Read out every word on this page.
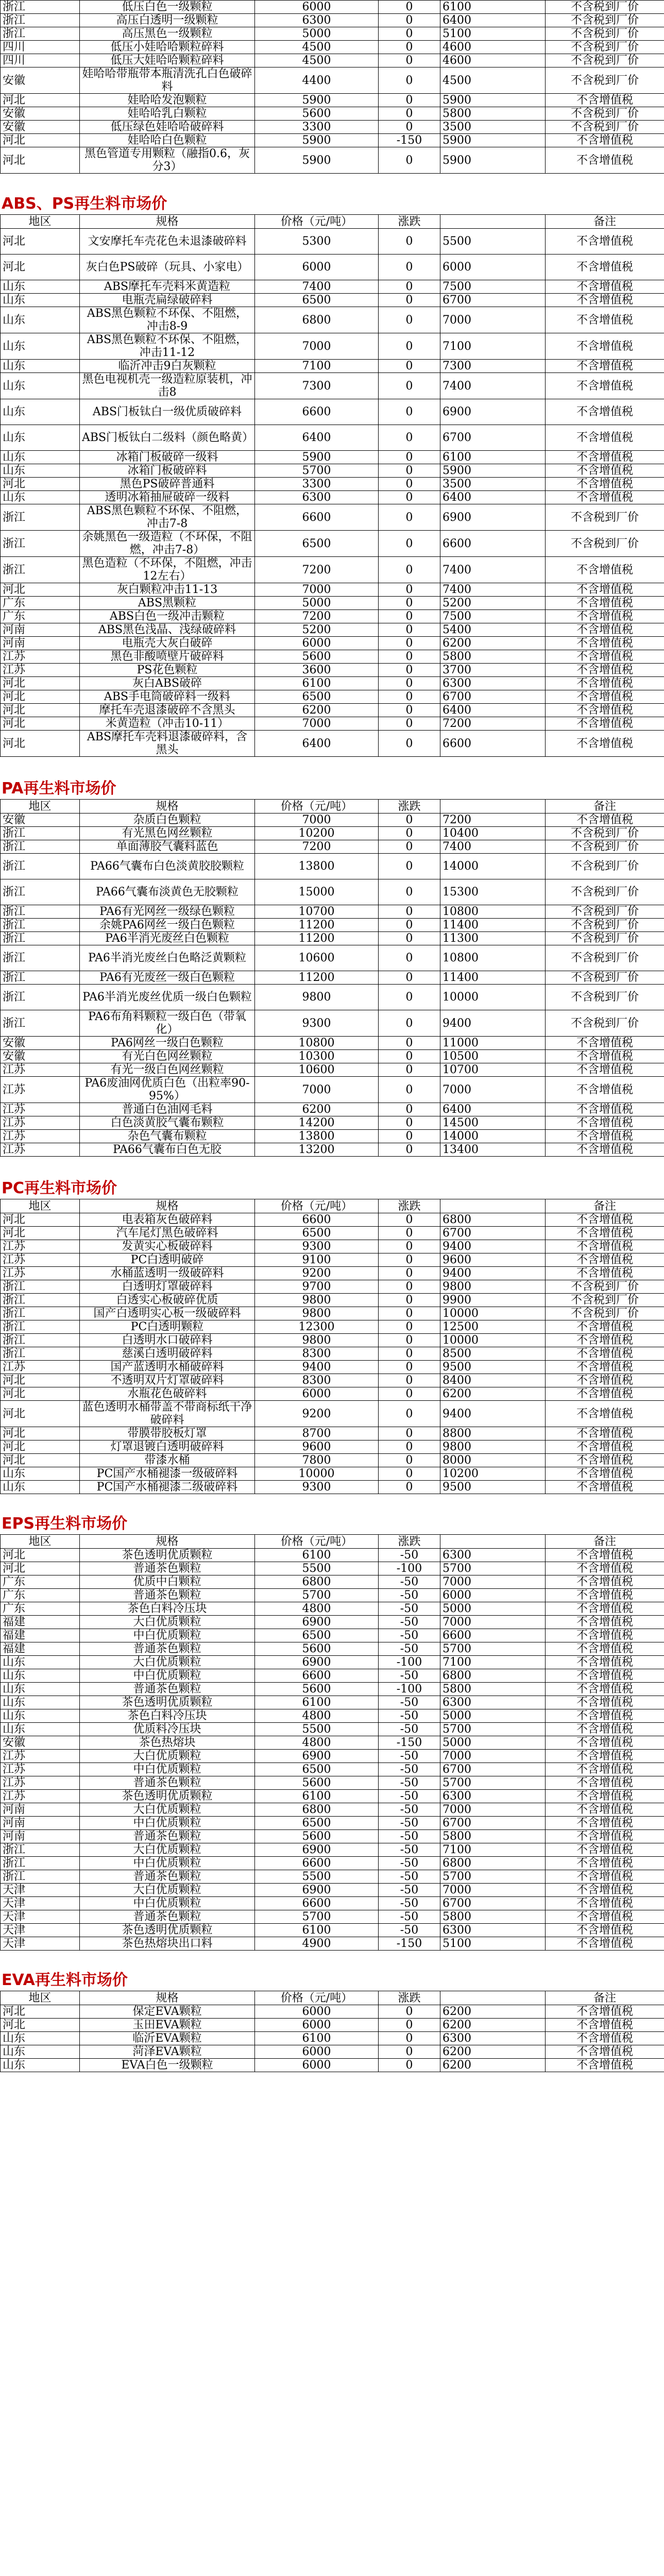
浙江	低压白色一级颗粒	6000	0	6100	不含税到厂价
浙江	高压白透明一级颗粒	6300	0	6400	不含税到厂价
浙江	高压黑色一级颗粒	5000	0	5100	不含税到厂价
四川	低压小娃哈哈颗粒碎料	4500	0	4600	不含税到厂价
四川	低压大娃哈哈颗粒碎料	4500	0	4600	不含税到厂价
安徽	娃哈哈带瓶带本瓶清洗孔白色破碎料	4400	0	4500	不含税到厂价
河北	娃哈哈发泡颗粒	5900	0	5900	不含增值税
安徽	娃哈哈乳白颗粒	5600	0	5800	不含税到厂价
安徽	低压绿色娃哈哈破碎料	3300	0	3500	不含税到厂价
河北	娃哈哈白色颗粒	5900	-150	5900	不含增值税
河北	黑色管道专用颗粒（融指0.6，灰分3）	5900	0	5900	不含增值税
ABS、PS再生料市场价
地区	规格	价格（元/吨）	涨跌		备注
河北	文安摩托车壳花色未退漆破碎料	5300	0	5500	不含增值税
河北	灰白色PS破碎（玩具、小家电）	6000	0	6000	不含增值税
山东	ABS摩托车壳料米黄造粒	7400	0	7500	不含增值税
山东	电瓶壳扁绿破碎料	6500	0	6700	不含增值税
山东	ABS黑色颗粒不环保、不阻燃，冲击8-9	6800	0	7000	不含增值税
山东	ABS黑色颗粒不环保、不阻燃，冲击11-12	7000	0	7100	不含增值税
山东	临沂冲击9白灰颗粒	7100	0	7300	不含增值税
山东	黑色电视机壳一级造粒原装机，冲击8	7300	0	7400	不含增值税
山东	ABS门板钛白一级优质破碎料	6600	0	6900	不含增值税
山东	ABS门板钛白二级料（颜色略黄）	6400	0	6700	不含增值税
山东	冰箱门板破碎一级料	5900	0	6100	不含增值税
山东	冰箱门板破碎料	5700	0	5900	不含增值税
河北	黑色PS破碎普通料	3300	0	3500	不含增值税
山东	透明冰箱抽屉破碎一级料	6300	0	6400	不含增值税
浙江	ABS黑色颗粒不环保、不阻燃，冲击7-8	6600	0	6900	不含税到厂价
浙江	余姚黑色一级造粒（不环保，不阻燃，冲击7-8）	6500	0	6600	不含税到厂价
浙江	黑色造粒（不环保，不阻燃，冲击12左右）	7200	0	7400	不含增值税
河北	灰白颗粒冲击11-13	7000	0	7400	不含增值税
广东	ABS黑颗粒	5000	0	5200	不含增值税
广东	ABS白色一级冲击颗粒	7200	0	7500	不含增值税
河南	ABS黑色浅晶、浅绿破碎料	5200	0	5400	不含增值税
河南	电瓶壳大灰白破碎	6000	0	6200	不含增值税
江苏	黑色非酸喷壁片破碎料	5600	0	5800	不含增值税
江苏	PS花色颗粒	3600	0	3700	不含增值税
河北	灰白ABS破碎	6100	0	6300	不含增值税
河北	ABS手电筒破碎料一级料	6500	0	6700	不含增值税
河北	摩托车壳退漆破碎不含黑头	6200	0	6400	不含增值税
河北	米黄造粒（冲击10-11）	7000	0	7200	不含增值税
河北	ABS摩托车壳料退漆破碎料，含黑头	6400	0	6600	不含增值税
PA再生料市场价
地区	规格	价格（元/吨）	涨跌		备注
安徽	杂质白色颗粒	7000	0	7200	不含增值税
浙江	有光黑色网丝颗粒	10200	0	10400	不含税到厂价
浙江	单面薄胶气囊料蓝色	7200	0	7400	不含税到厂价
浙江	PA66气囊布白色淡黄胶胶颗粒	13800	0	14000	不含税到厂价
浙江	PA66气囊布淡黄色无胶颗粒	15000	0	15300	不含税到厂价
浙江	PA6有光网丝一级绿色颗粒	10700	0	10800	不含税到厂价
浙江	余姚PA6网丝一级白色颗粒	11200	0	11400	不含税到厂价
浙江	PA6半消光废丝白色颗粒	11200	0	11300	不含税到厂价
浙江	PA6半消光废丝白色略泛黄颗粒	10600	0	10800	不含税到厂价
浙江	PA6有光废丝一级白色颗粒	11200	0	11400	不含税到厂价
浙江	PA6半消光废丝优质一级白色颗粒	9800	0	10000	不含税到厂价
浙江	PA6布角料颗粒一级白色（带氧化）	9300	0	9400	不含税到厂价
安徽	PA6网丝一级白色颗粒	10800	0	11000	不含增值税
安徽	有光白色网丝颗粒	10300	0	10500	不含增值税
江苏	有光一级白色网丝颗粒	10600	0	10700	不含增值税
江苏	PA6废油网优质白色（出粒率90-95%）	7000	0	7000	不含增值税
江苏	普通白色油网毛料	6200	0	6400	不含增值税
江苏	白色淡黄胶气囊布颗粒	14200	0	14500	不含增值税
江苏	杂色气囊布颗粒	13800	0	14000	不含增值税
江苏	PA66气囊布白色无胶	13200	0	13400	不含增值税
PC再生料市场价
地区	规格	价格（元/吨）	涨跌		备注
河北	电表箱灰色破碎料	6600	0	6800	不含增值税
河北	汽车尾灯黑色破碎料	6500	0	6700	不含增值税
江苏	发黄实心板破碎料	9300	0	9400	不含增值税
江苏	PC白透明破碎	9100	0	9600	不含增值税
江苏	水桶蓝透明一级破碎料	9200	0	9400	不含增值税
浙江	白透明灯罩破碎料	9700	0	9800	不含税到厂价
浙江	白透实心板破碎优质	9800	0	9900	不含税到厂价
浙江	国产白透明实心板一级破碎料	9800	0	10000	不含税到厂价
浙江	PC白透明颗粒	12300	0	12500	不含增值税
浙江	白透明水口破碎料	9800	0	10000	不含增值税
浙江	慈溪白透明破碎料	8300	0	8500	不含增值税
江苏	国产蓝透明水桶破碎料	9400	0	9500	不含增值税
河北	不透明双片灯罩破碎料	8300	0	8400	不含增值税
河北	水瓶花色破碎料	6000	0	6200	不含增值税
河北	蓝色透明水桶带盖不带商标纸干净破碎料	9200	0	9400	不含增值税
河北	带膜带胶板灯罩	8700	0	8800	不含增值税
河北	灯罩退镀白透明破碎料	9600	0	9800	不含增值税
河北	带漆水桶	7800	0	8000	不含增值税
山东	PC国产水桶褪漆一级破碎料	10000	0	10200	不含增值税
山东	PC国产水桶褪漆二级破碎料	9300	0	9500	不含增值税
EPS再生料市场价
地区	规格	价格（元/吨）	涨跌		备注
河北	茶色透明优质颗粒	6100	-50	6300	不含增值税
河北	普通茶色颗粒	5500	-100	5700	不含增值税
广东	优质中白颗粒	6800	-50	7000	不含增值税
广东	普通茶色颗粒	5700	-50	6000	不含增值税
广东	茶色白料冷压块	4800	-50	5000	不含增值税
福建	大白优质颗粒	6900	-50	7000	不含增值税
福建	中白优质颗粒	6500	-50	6600	不含增值税
福建	普通茶色颗粒	5600	-50	5700	不含增值税
山东	大白优质颗粒	6900	-100	7100	不含增值税
山东	中白优质颗粒	6600	-50	6800	不含增值税
山东	普通茶色颗粒	5600	-100	5800	不含增值税
山东	茶色透明优质颗粒	6100	-50	6300	不含增值税
山东	茶色白料冷压块	4800	-50	5000	不含增值税
山东	优质料冷压块	5500	-50	5700	不含增值税
安徽	茶色热熔块	4800	-150	5000	不含增值税
江苏	大白优质颗粒	6900	-50	7000	不含增值税
江苏	中白优质颗粒	6500	-50	6700	不含增值税
江苏	普通茶色颗粒	5600	-50	5700	不含增值税
江苏	茶色透明优质颗粒	6100	-50	6300	不含增值税
河南	大白优质颗粒	6800	-50	7000	不含增值税
河南	中白优质颗粒	6500	-50	6700	不含增值税
河南	普通茶色颗粒	5600	-50	5800	不含增值税
浙江	大白优质颗粒	6900	-50	7100	不含增值税
浙江	中白优质颗粒	6600	-50	6800	不含增值税
浙江	普通茶色颗粒	5500	-50	5700	不含增值税
天津	大白优质颗粒	6900	-50	7000	不含增值税
天津	中白优质颗粒	6600	-50	6700	不含增值税
天津	普通茶色颗粒	5700	-50	5800	不含增值税
天津	茶色透明优质颗粒	6100	-50	6300	不含增值税
天津	茶色热熔块出口料	4900	-150	5100	不含增值税
EVA再生料市场价
地区	规格	价格（元/吨）	涨跌		备注
河北	保定EVA颗粒	6000	0	6200	不含增值税
河北	玉田EVA颗粒	6000	0	6200	不含增值税
山东	临沂EVA颗粒	6100	0	6300	不含增值税
山东	菏泽EVA颗粒	6000	0	6200	不含增值税
山东	EVA白色一级颗粒	6000	0	6200	不含增值税
